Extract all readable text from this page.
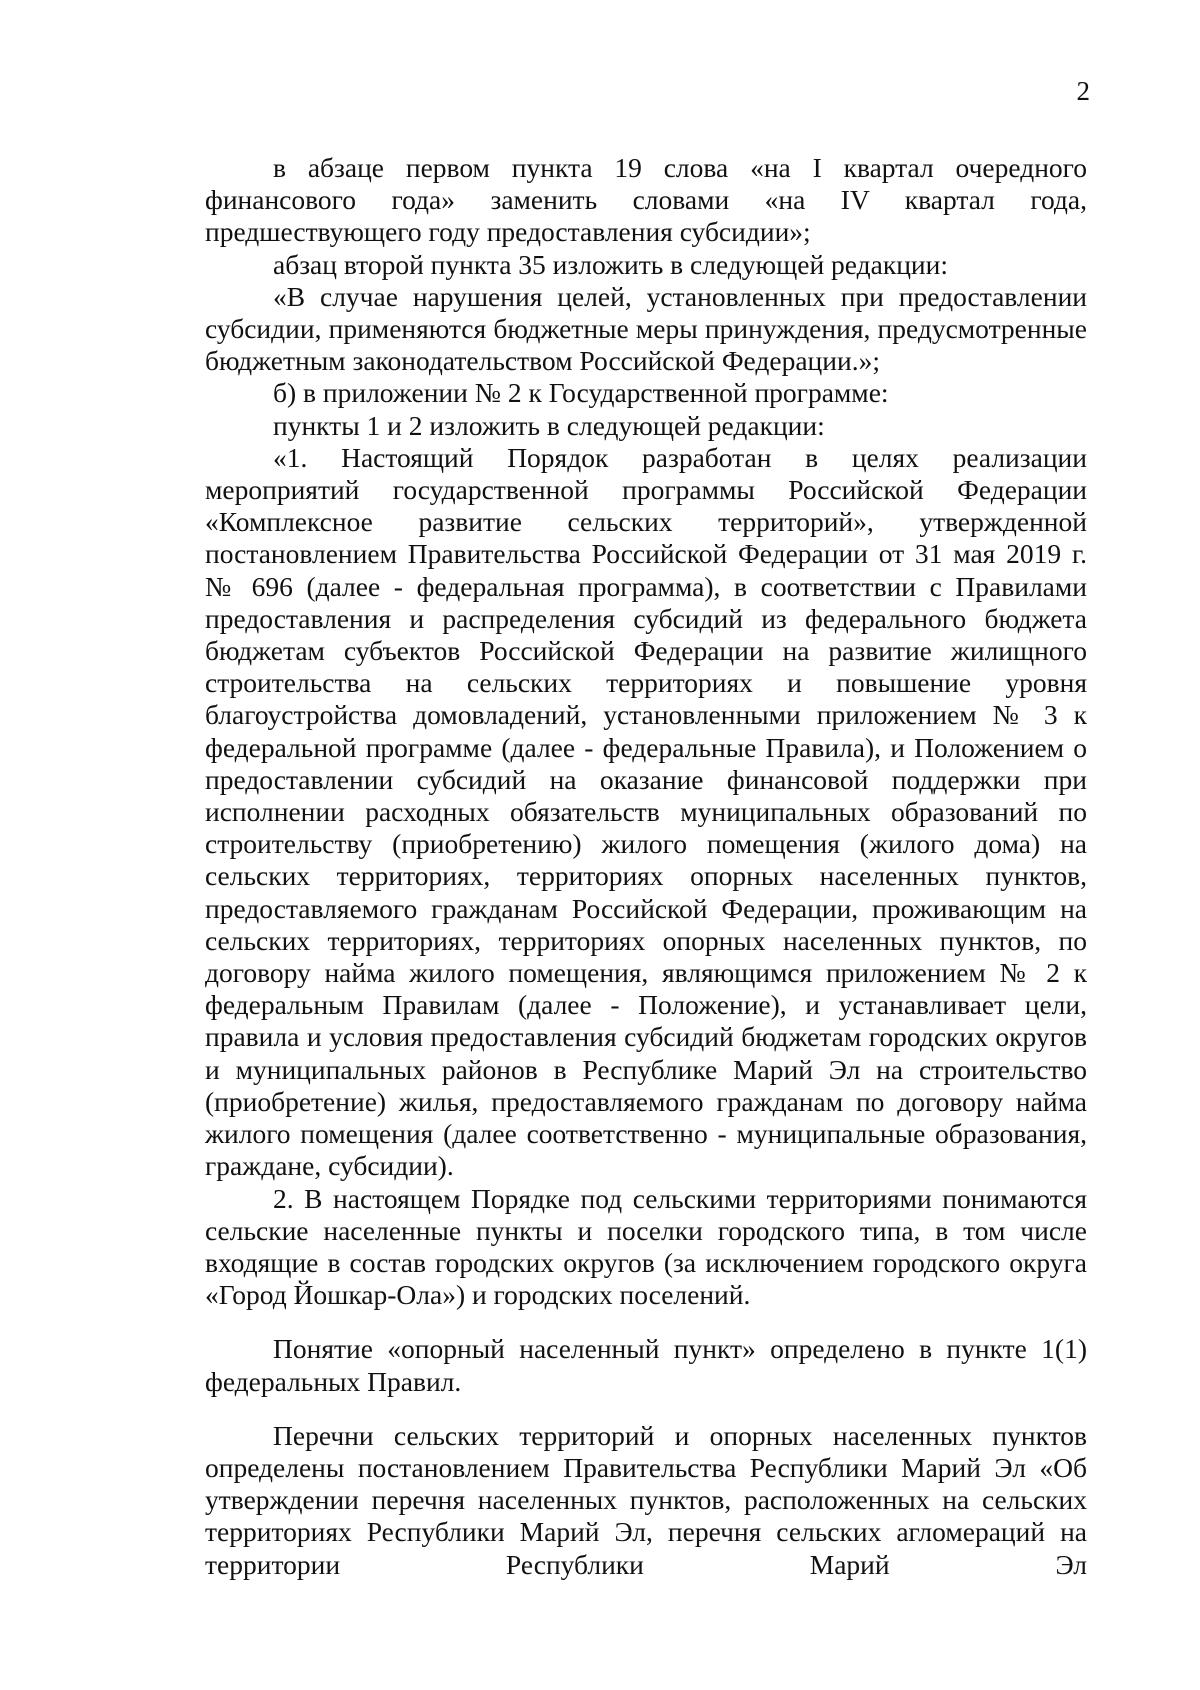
2

в абзаце первом пункта 19 слова «на I квартал очередного финансового года» заменить словами «на IV квартал года, предшествующего году предоставления субсидии»;

абзац второй пункта 35 изложить в следующей редакции:

«В случае нарушения целей, установленных при предоставлении субсидии, применяются бюджетные меры принуждения, предусмотренные бюджетным законодательством Российской Федерации.»;

б) в приложении № 2 к Государственной программе:

пункты 1 и 2 изложить в следующей редакции:

«1. Настоящий Порядок разработан в целях реализации мероприятий государственной программы Российской Федерации «Комплексное развитие сельских территорий», утвержденной постановлением Правительства Российской Федерации от 31 мая 2019 г. № 696 (далее - федеральная программа), в соответствии с Правилами предоставления и распределения субсидий из федерального бюджета бюджетам субъектов Российской Федерации на развитие жилищного строительства на сельских территориях и повышение уровня благоустройства домовладений, установленными приложением № 3 к федеральной программе (далее - федеральные Правила), и Положением о предоставлении субсидий на оказание финансовой поддержки при исполнении расходных обязательств муниципальных образований по строительству (приобретению) жилого помещения (жилого дома) на сельских территориях, территориях опорных населенных пунктов, предоставляемого гражданам Российской Федерации, проживающим на сельских территориях, территориях опорных населенных пунктов, по договору найма жилого помещения, являющимся приложением № 2 к федеральным Правилам (далее - Положение), и устанавливает цели, правила и условия предоставления субсидий бюджетам городских округов и муниципальных районов в Республике Марий Эл на строительство (приобретение) жилья, предоставляемого гражданам по договору найма жилого помещения (далее соответственно - муниципальные образования, граждане, субсидии).

2. В настоящем Порядке под сельскими территориями понимаются сельские населенные пункты и поселки городского типа, в том числе входящие в состав городских округов (за исключением городского округа «Город Йошкар-Ола») и городских поселений.

Понятие «опорный населенный пункт» определено в пункте 1(1) федеральных Правил.

Перечни сельских территорий и опорных населенных пунктов определены постановлением Правительства Республики Марий Эл «Об утверждении перечня населенных пунктов, расположенных на сельских территориях Республики Марий Эл, перечня сельских агломераций на территории Республики Марий Эл
